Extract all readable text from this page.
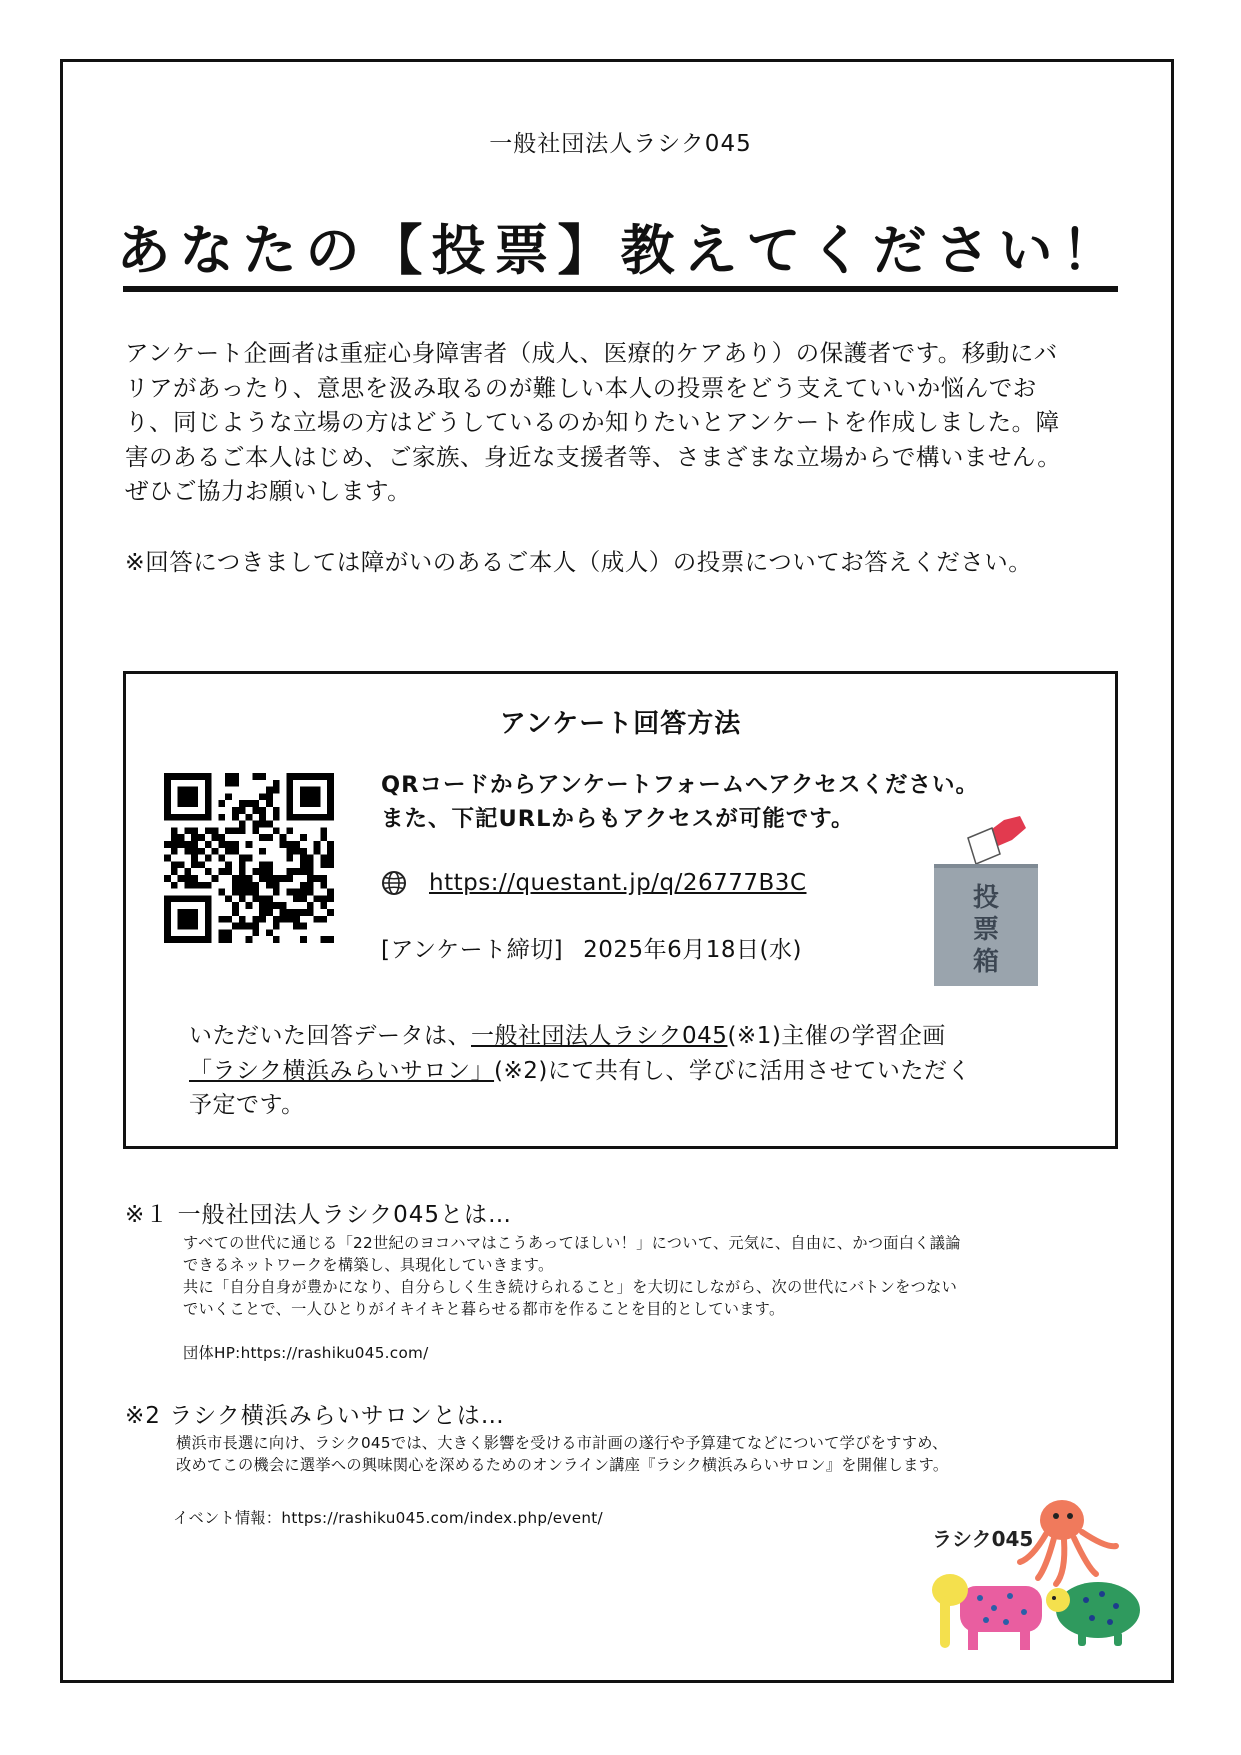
一般社団法人ラシク045
あなたの【投票】教えてください！
アンケート企画者は重症心身障害者（成人、医療的ケアあり）の保護者です。移動にバ
リアがあったり、意思を汲み取るのが難しい本人の投票をどう支えていいか悩んでお
り、同じような立場の方はどうしているのか知りたいとアンケートを作成しました。障
害のあるご本人はじめ、ご家族、身近な支援者等、さまざまな立場からで構いません。
ぜひご協力お願いします。
※回答につきましては障がいのあるご本人（成人）の投票についてお答えください。
アンケート回答方法
QRコードからアンケートフォームへアクセスください。
また、下記URLからもアクセスが可能です。
https://questant.jp/q/26777B3C
[アンケート締切] 2025年6月18日(水)
投
票
箱
いただいた回答データは、一般社団法人ラシク045(※1)主催の学習企画
「ラシク横浜みらいサロン」(※2)にて共有し、学びに活用させていただく
予定です。
※１ 一般社団法人ラシク045とは…
すべての世代に通じる「22世紀のヨコハマはこうあってほしい！」について、元気に、自由に、かつ面白く議論
できるネットワークを構築し、具現化していきます。
共に「自分自身が豊かになり、自分らしく生き続けられること」を大切にしながら、次の世代にバトンをつない
でいくことで、一人ひとりがイキイキと暮らせる都市を作ることを目的としています。
団体HP:https://rashiku045.com/
※2 ラシク横浜みらいサロンとは…
横浜市長選に向け、ラシク045では、大きく影響を受ける市計画の遂行や予算建てなどについて学びをすすめ、
改めてこの機会に選挙への興味関心を深めるためのオンライン講座『ラシク横浜みらいサロン』を開催します。
イベント情報：https://rashiku045.com/index.php/event/
ラシク045
